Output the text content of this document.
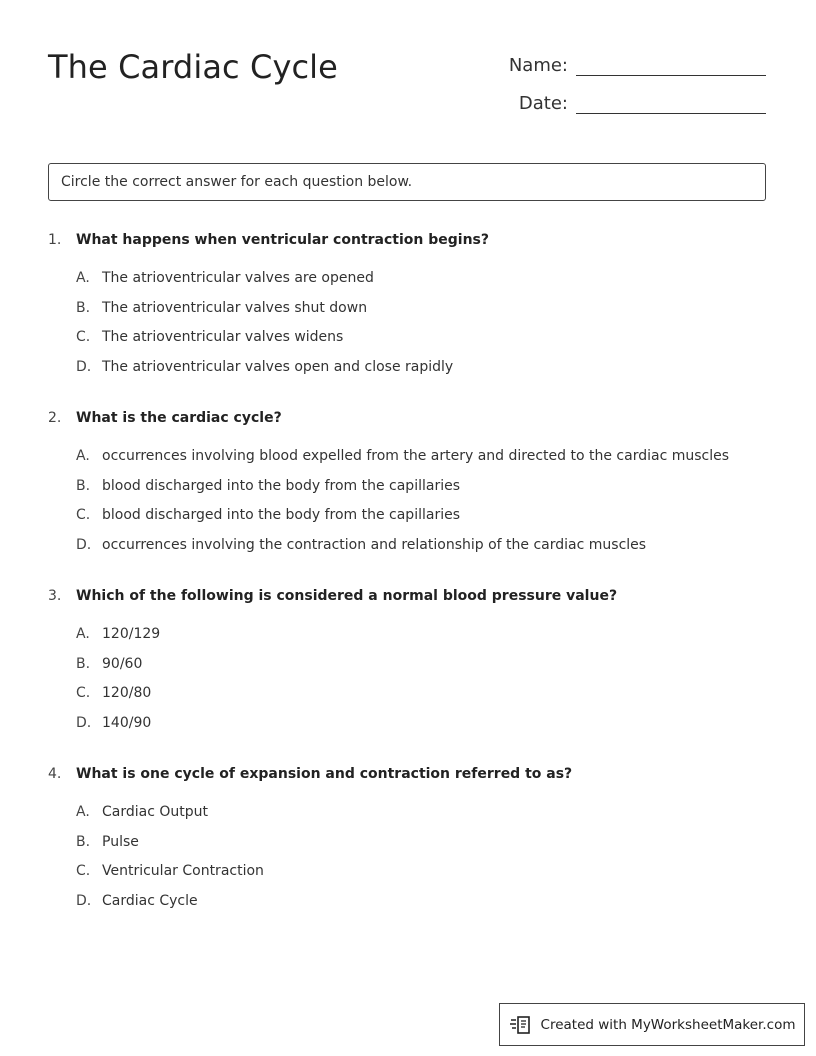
The Cardiac Cycle	Name:
Date:
Circle the correct answer for each question below.
1.	What happens when ventricular contraction begins?
A. The atrioventricular valves are opened
B. The atrioventricular valves shut down
C. The atrioventricular valves widens
D. The atrioventricular valves open and close rapidly
2.	What is the cardiac cycle?
A. occurrences involving blood expelled from the artery and directed to the cardiac muscles
B. blood discharged into the body from the capillaries
C. blood discharged into the body from the capillaries
D. occurrences involving the contraction and relationship of the cardiac muscles
3.	Which of the following is considered a normal blood pressure value?
A. 120/129
B. 90/60
C. 120/80
D. 140/90
4.	What is one cycle of expansion and contraction referred to as?
A. Cardiac Output
B. Pulse
C. Ventricular Contraction
D. Cardiac Cycle
Created with MyWorksheetMaker.com
